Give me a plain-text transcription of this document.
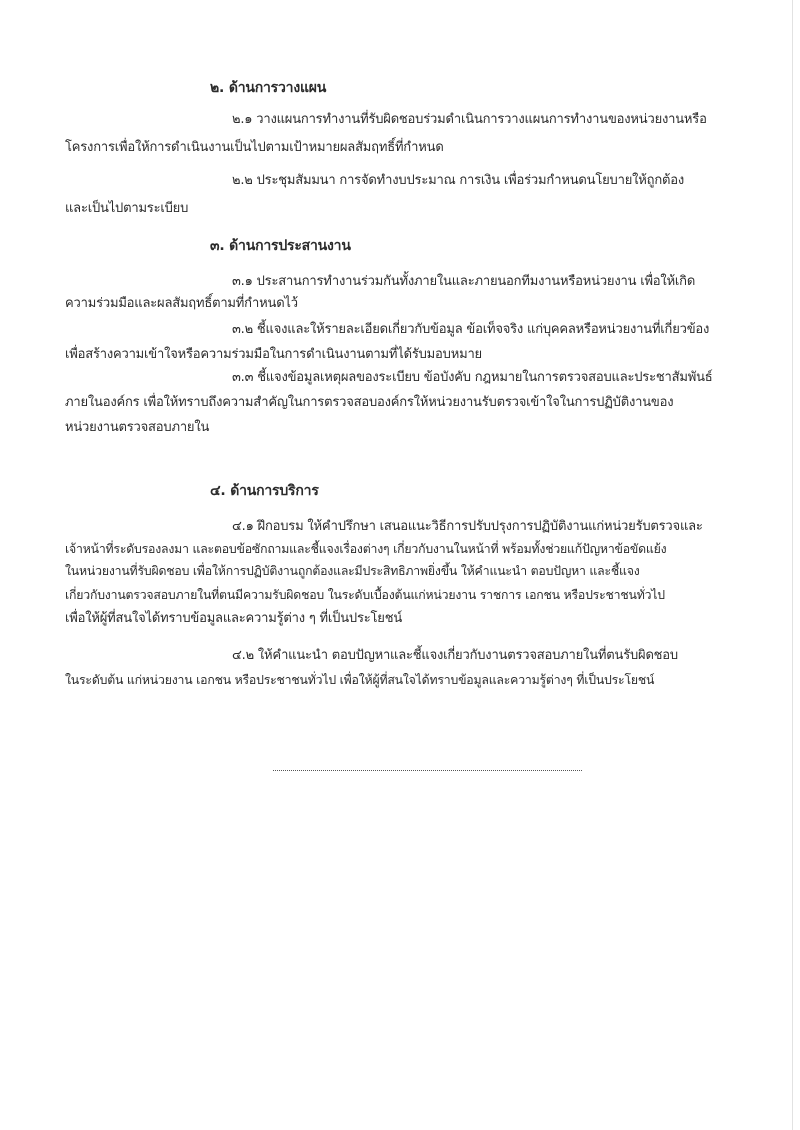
๒. ด้านการวางแผน
๒.๑ วางแผนการทำงานที่รับผิดชอบร่วมดำเนินการวางแผนการทำงานของหน่วยงานหรือ
โครงการเพื่อให้การดำเนินงานเป็นไปตามเป้าหมายผลสัมฤทธิ์ที่กำหนด
๒.๒ ประชุมสัมมนา การจัดทำงบประมาณ การเงิน เพื่อร่วมกำหนดนโยบายให้ถูกต้อง
และเป็นไปตามระเบียบ
๓. ด้านการประสานงาน
๓.๑ ประสานการทำงานร่วมกันทั้งภายในและภายนอกทีมงานหรือหน่วยงาน เพื่อให้เกิด
ความร่วมมือและผลสัมฤทธิ์ตามที่กำหนดไว้
๓.๒ ชี้แจงและให้รายละเอียดเกี่ยวกับข้อมูล ข้อเท็จจริง แก่บุคคลหรือหน่วยงานที่เกี่ยวข้อง
เพื่อสร้างความเข้าใจหรือความร่วมมือในการดำเนินงานตามที่ได้รับมอบหมาย
๓.๓ ชี้แจงข้อมูลเหตุผลของระเบียบ ข้อบังคับ กฎหมายในการตรวจสอบและประชาสัมพันธ์
ภายในองค์กร เพื่อให้ทราบถึงความสำคัญในการตรวจสอบองค์กรให้หน่วยงานรับตรวจเข้าใจในการปฏิบัติงานของ
หน่วยงานตรวจสอบภายใน
๔. ด้านการบริการ
๔.๑ ฝึกอบรม ให้คำปรึกษา เสนอแนะวิธีการปรับปรุงการปฏิบัติงานแก่หน่วยรับตรวจและ
เจ้าหน้าที่ระดับรองลงมา และตอบข้อซักถามและชี้แจงเรื่องต่างๆ เกี่ยวกับงานในหน้าที่ พร้อมทั้งช่วยแก้ปัญหาข้อขัดแย้ง
ในหน่วยงานที่รับผิดชอบ เพื่อให้การปฏิบัติงานถูกต้องและมีประสิทธิภาพยิ่งขึ้น ให้คำแนะนำ ตอบปัญหา และชี้แจง
เกี่ยวกับงานตรวจสอบภายในที่ตนมีความรับผิดชอบ ในระดับเบื้องต้นแก่หน่วยงาน ราชการ เอกชน หรือประชาชนทั่วไป
เพื่อให้ผู้ที่สนใจได้ทราบข้อมูลและความรู้ต่าง ๆ ที่เป็นประโยชน์
๔.๒ ให้คำแนะนำ ตอบปัญหาและชี้แจงเกี่ยวกับงานตรวจสอบภายในที่ตนรับผิดชอบ
ในระดับต้น แก่หน่วยงาน เอกชน หรือประชาชนทั่วไป เพื่อให้ผู้ที่สนใจได้ทราบข้อมูลและความรู้ต่างๆ ที่เป็นประโยชน์
